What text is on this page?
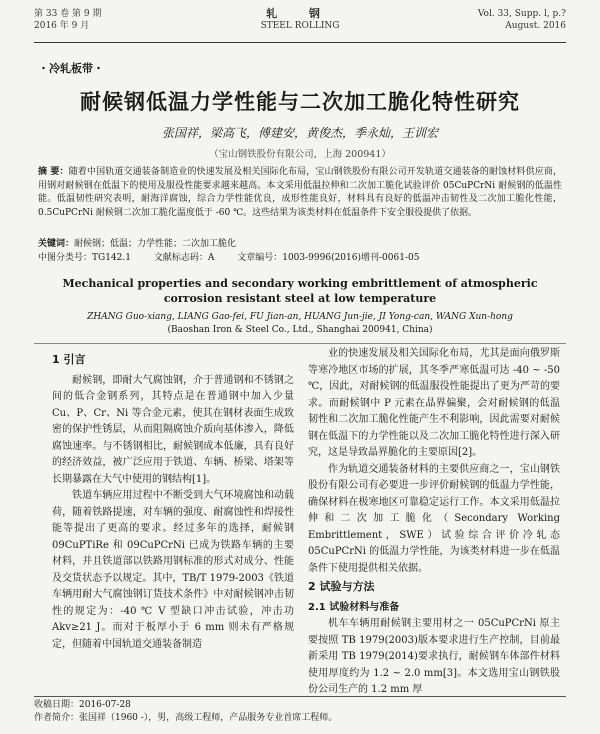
第 33 卷 第 9 期
2016 年 9 月
轧 钢
STEEL ROLLING
Vol. 33, Supp. l, p.?
August. 2016
・冷轧板带・
耐候钢低温力学性能与二次加工脆化特性研究
张国祥，梁高飞，傅建安，黄俊杰，季永灿，王训宏
（宝山钢铁股份有限公司，上海 200941）
摘 要：随着中国轨道交通装备制造业的快速发展及相关国际化布局，宝山钢铁股份有限公司开发轨道交通装备的耐蚀材料供应商，用钢对耐候钢在低温下的使用及服役性能要求越来越高。本文采用低温拉伸和二次加工脆化试验评价 05CuPCrNi 耐候钢的低温性能。低温韧性研究表明，耐海洋腐蚀，综合力学性能优良，成形性能良好，材料具有良好的低温冲击韧性及二次加工脆化性能，0.5CuPCrNi 耐候钢二次加工脆化温度低于 -60 ℃。这些结果为该类材料在低温条件下安全服役提供了依据。
关键词：耐候钢；低温；力学性能；二次加工脆化
中图分类号：TG142.1	文献标志码：A	文章编号：1003-9996(2016)增刊-0061-05
Mechanical properties and secondary working embrittlement of atmospheric
corrosion resistant steel at low temperature
ZHANG Guo-xiang, LIANG Gao-fei, FU Jian-an, HUANG Jun-jie, JI Yong-can, WANG Xun-hong
(Baoshan Iron & Steel Co., Ltd., Shanghai 200941, China)
1 引言

耐候钢，即耐大气腐蚀钢，介于普通钢和不锈钢之间的低合金钢系列，其特点是在普通钢中加入少量 Cu、P、Cr、Ni 等合金元素，使其在钢材表面生成致密的保护性锈层，从而阻隔腐蚀介质向基体渗入，降低腐蚀速率。与不锈钢相比，耐候钢成本低廉，具有良好的经济效益，被广泛应用于铁道、车辆、桥梁、塔架等长期暴露在大气中使用的钢结构[1]。

铁道车辆应用过程中不断受到大气环境腐蚀和动载荷，随着铁路提速，对车辆的强度、耐腐蚀性和焊接性能等提出了更高的要求。经过多年的选择，耐候钢 09CuPTiRe 和 09CuPCrNi 已成为铁路车辆的主要材料，并且铁道部以铁路用钢标准的形式对成分、性能及交货状态予以规定。其中，TB/T 1979-2003《铁道车辆用耐大气腐蚀钢订货技术条件》中对耐候钢冲击韧性的规定为：-40 ℃ V 型缺口冲击试验，冲击功 Akv≥21 J。而对于板厚小于 6 mm 则未有严格规定，但随着中国轨道交通装备制造

业的快速发展及相关国际化布局，尤其是面向俄罗斯等寒冷地区市场的扩展，其冬季严寒低温可达 -40 ~ -50 ℃，因此，对耐候钢的低温服役性能提出了更为严苛的要求。而耐候钢中 P 元素在晶界偏聚，会对耐候钢的低温韧性和二次加工脆化性能产生不利影响，因此需要对耐候钢在低温下的力学性能以及二次加工脆化特性进行深入研究，这是导致晶界脆化的主要原因[2]。

作为轨道交通装备材料的主要供应商之一，宝山钢铁股份有限公司有必要进一步评价耐候钢的低温力学性能，确保材料在极寒地区可靠稳定运行工作。本文采用低温拉伸和二次加工脆化（Secondary Working Embrittlement，SWE）试验综合评价冷轧态 05CuPCrNi 的低温力学性能，为该类材料进一步在低温条件下使用提供相关依据。

2 试验与方法
2.1 试验材料与准备

机车车辆用耐候钢主要用材之一 05CuPCrNi 原主要按照 TB 1979(2003)版本要求进行生产控制，目前最新采用 TB 1979(2014)要求执行，耐候钢车体部件材料使用厚度约为 1.2 ~ 2.0 mm[3]。本文选用宝山钢铁股份公司生产的 1.2 mm 厚

收稿日期：2016-07-28
作者简介：张国祥（1960 -），男，高级工程师，产品服务专业首席工程师。
